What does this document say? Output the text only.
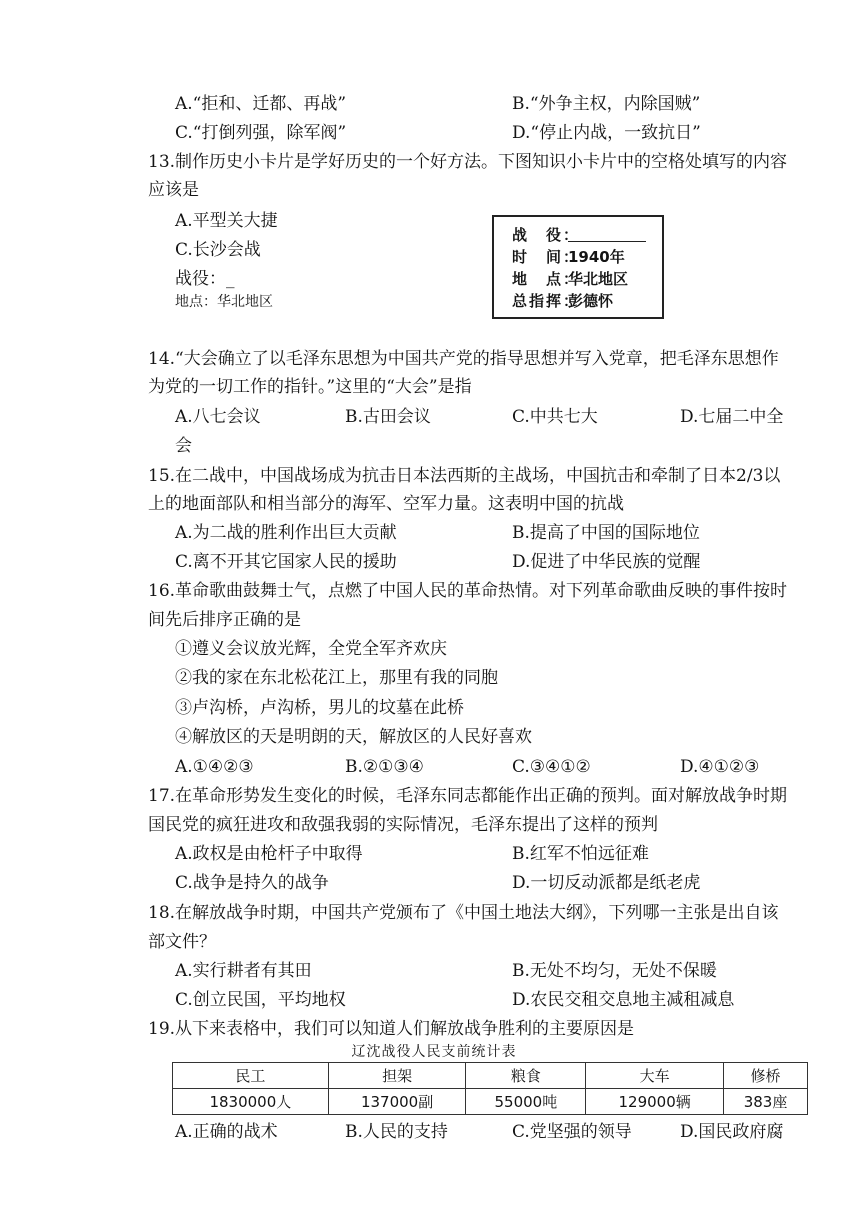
A.“拒和、迁都、再战”	B.“外争主权，内除国贼”
C.“打倒列强，除军阀”	D.“停止内战，一致抗日”
13.制作历史小卡片是学好历史的一个好方法。下图知识小卡片中的空格处填写的内容
应该是
A.平型关大捷
C.长沙会战
战役：_
地点：华北地区
战　役：
时　间：1940年
地　点：华北地区
总指挥：彭德怀
14.“大会确立了以毛泽东思想为中国共产党的指导思想并写入党章，把毛泽东思想作
为党的一切工作的指针。”这里的“大会”是指
A.八七会议	B.古田会议	C.中共七大	D.七届二中全
会
15.在二战中，中国战场成为抗击日本法西斯的主战场，中国抗击和牵制了日本2/3以
上的地面部队和相当部分的海军、空军力量。这表明中国的抗战
A.为二战的胜利作出巨大贡献	B.提高了中国的国际地位
C.离不开其它国家人民的援助	D.促进了中华民族的觉醒
16.革命歌曲鼓舞士气，点燃了中国人民的革命热情。对下列革命歌曲反映的事件按时
间先后排序正确的是
①遵义会议放光辉，全党全军齐欢庆
②我的家在东北松花江上，那里有我的同胞
③卢沟桥，卢沟桥，男儿的坟墓在此桥
④解放区的天是明朗的天，解放区的人民好喜欢
A.①④②③	B.②①③④	C.③④①②	D.④①②③
17.在革命形势发生变化的时候，毛泽东同志都能作出正确的预判。面对解放战争时期
国民党的疯狂进攻和敌强我弱的实际情况，毛泽东提出了这样的预判
A.政权是由枪杆子中取得	B.红军不怕远征难
C.战争是持久的战争	D.一切反动派都是纸老虎
18.在解放战争时期，中国共产党颁布了《中国土地法大纲》，下列哪一主张是出自该
部文件？
A.实行耕者有其田	B.无处不均匀，无处不保暖
C.创立民国，平均地权	D.农民交租交息地主减租减息
19.从下来表格中，我们可以知道人们解放战争胜利的主要原因是
辽沈战役人民支前统计表
民工	担架	粮食	大车	修桥
1830000人	137000副	55000吨	129000辆	383座
A.正确的战术	B.人民的支持	C.党坚强的领导	D.国民政府腐
